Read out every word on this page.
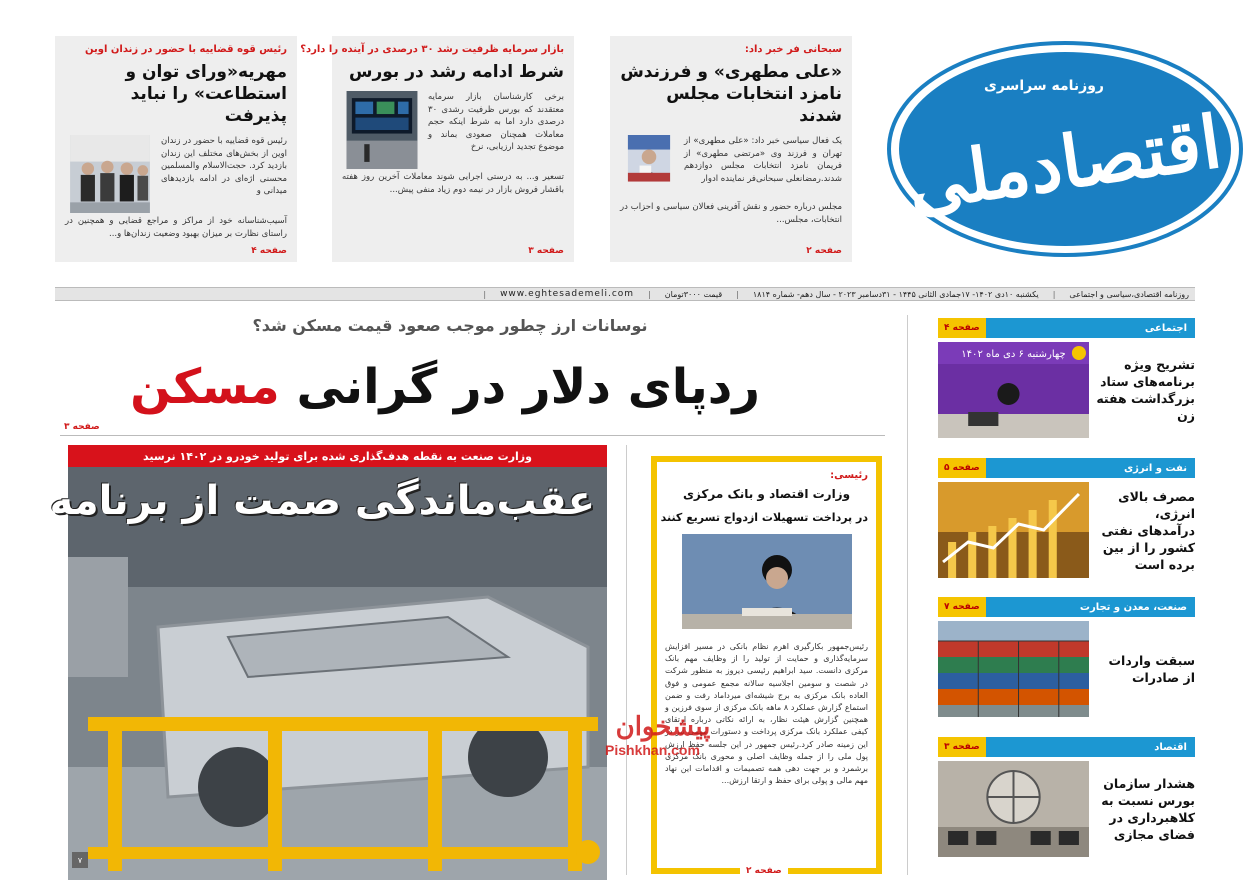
روزنامه سراسری
اقتصادملی
سبحانی فر خبر داد:
«علی مطهری» و فرزندش نامزد انتخابات مجلس شدند
یک فعال سیاسی خبر داد: «علی مطهری» از تهران و فرزند وی «مرتضی مطهری» از فریمان نامزد انتخابات مجلس دوازدهم شدند.رمضانعلی سبحانی‌فر نماینده ادوار
مجلس درباره حضور و نقش آفرینی فعالان سیاسی و احزاب در انتخابات، مجلس...
صفحه ۲
بازار سرمایه ظرفیت رشد ۳۰ درصدی در آینده را دارد؟
شرط ادامه رشد در بورس
برخی کارشناسان بازار سرمایه معتقدند که بورس ظرفیت رشدی ۳۰ درصدی دارد اما به شرط اینکه حجم معاملات همچنان صعودی بماند و موضوع تجدید ارزیابی، نرخ
تسعیر و... به درستی اجرایی شوند معاملات آخرین روز هفته باقشار فروش بازار در نیمه دوم زیاد منفی پیش...
صفحه ۳
رئیس قوه قضاییه با حضور در زندان اوین
مهریه«ورای توان و استطاعت» را نباید پذیرفت
رئیس قوه قضاییه با حضور در زندان اوین از بخش‌های مختلف این زندان بازدید کرد. حجت‌الاسلام والمسلمین محسنی اژه‌ای در ادامه بازدیدهای میدانی و
آسیب‌شناسانه خود از مراکز و مراجع قضایی و همچنین در راستای نظارت بر میزان بهبود وضعیت زندان‌ها و...
صفحه ۴
روزنامه اقتصادی،سیاسی و اجتماعی
|
یکشنبه ۱۰دی ۱۴۰۲- ۱۷جمادی الثانی ۱۴۴۵ - ۳۱دسامبر ۲۰۲۳ - سال دهم- شماره ۱۸۱۴
|
قیمت ۳۰۰۰تومان
|
www.eghtesademeli.com
|
اجتماعی
صفحه ۴
تشریح ویژه برنامه‌های ستاد بزرگداشت هفته زن
چهارشنبه ۶ دی ماه ۱۴۰۲
نفت و انرژی
صفحه ۵
مصرف بالای انرژی، درآمدهای نفتی کشور را از بین برده است
صنعت، معدن و تجارت
صفحه ۷
سبقت واردات از صادرات
اقتصاد
صفحه ۳
هشدار سازمان بورس نسبت به کلاهبرداری در فضای مجازی
نوسانات ارز چطور موجب صعود قیمت مسکن شد؟
ردپای دلار در گرانی مسکن
صفحه ۳
وزارت صنعت به نقطه هدف‌گذاری شده برای تولید خودرو در ۱۴۰۲ نرسید
عقب‌ماندگی صمت از برنامه
۷
رئیسی:
وزارت اقتصاد و بانک مرکزی
در پرداخت تسهیلات ازدواج تسریع کنند
رئیس‌جمهور بکارگیری اهرم نظام بانکی در مسیر افزایش سرمایه‌گذاری و حمایت از تولید را از وظایف مهم بانک مرکزی دانست. سید ابراهیم رئیسی دیروز به منظور شرکت در شصت و سومین اجلاسیه سالانه مجمع عمومی و فوق العاده بانک مرکزی به برج شیشه‌ای میرداماد رفت و ضمن استماع گزارش عملکرد ۸ ماهه بانک مرکزی از سوی فرزین و همچنین گزارش هیئت نظار، به ارائه نکاتی درباره ارتقای کیفی عملکرد بانک مرکزی پرداخت و دستورات مهمی نیز در این زمینه صادر کرد.رئیس جمهور در این جلسه حفظ ارزش پول ملی را از جمله وظایف اصلی و محوری بانک مرکزی برشمرد و بر جهت دهی همه تصمیمات و اقدامات این نهاد مهم مالی و پولی برای حفظ و ارتقا ارزش...
صفحه ۲
پیشخوان
Pishkhan.com
